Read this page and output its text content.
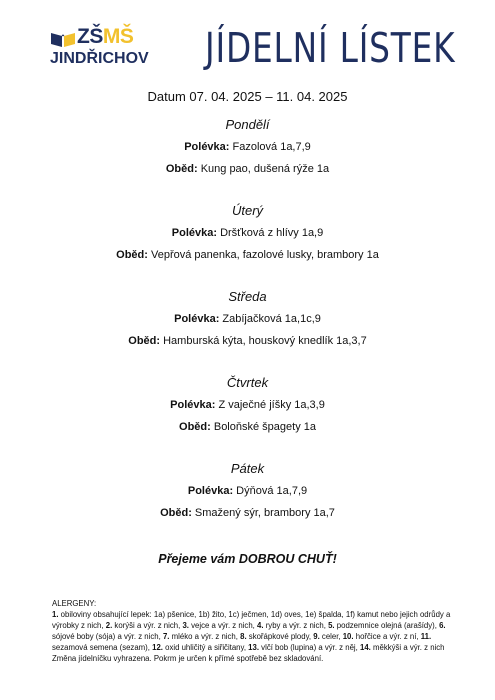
ZŠMŠ
JINDŘICHOV JÍDELNÍ LÍSTEK
Datum 07. 04. 2025 – 11. 04. 2025
Pondělí
Polévka: Fazolová 1a,7,9
Oběd: Kung pao, dušená rýže 1a
Úterý
Polévka: Dršťková z hlívy 1a,9
Oběd: Vepřová panenka, fazolové lusky, brambory 1a
Středa
Polévka: Zabíjačková 1a,1c,9
Oběd: Hamburská kýta, houskový knedlík 1a,3,7
Čtvrtek
Polévka: Z vaječné jíšky 1a,3,9
Oběd: Boloňské špagety 1a
Pátek
Polévka: Dýňová 1a,7,9
Oběd: Smažený sýr, brambory 1a,7
Přejeme vám DOBROU CHUŤ!
ALERGENY:
1. obiloviny obsahující lepek: 1a) pšenice, 1b) žito, 1c) ječmen, 1d) oves, 1e) špalda, 1f) kamut nebo jejich odrůdy a výrobky z nich, 2. korýši a výr. z nich, 3. vejce a výr. z nich, 4. ryby a výr. z nich, 5. podzemnice olejná (arašídy), 6. sójové boby (sója) a výr. z nich, 7. mléko a výr. z nich, 8. skořápkové plody, 9. celer, 10. hořčice a výr. z ní, 11. sezamová semena (sezam), 12. oxid uhličitý a siřičitany, 13. vlčí bob (lupina) a výr. z něj, 14. měkkýši a výr. z nich
Změna jídelníčku vyhrazena. Pokrm je určen k přímé spotřebě bez skladování.
